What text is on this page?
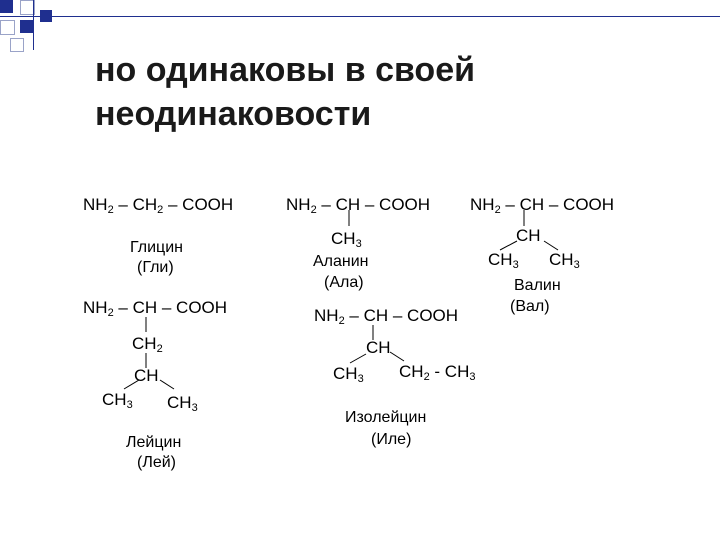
но одинаковы в своей
неодинаковости
$NH_2 - CH_2$ – COOH
Глицин
(Гли)
$NH_2$ – CH – COOH
$CH_3$
Аланин
(Ала)
$NH_2$ – CH – COOH
CH
$CH_3$ $CH_3$
Валин
(Вал)
$NH_2$ – CH – COOH
$CH_2$
CH
$CH_3$ $CH_3$
Лейцин
(Лей)
$NH_2$ – CH – COOH
CH
$CH_3$ $CH_2 - CH_3$
Изолейцин
(Иле)
